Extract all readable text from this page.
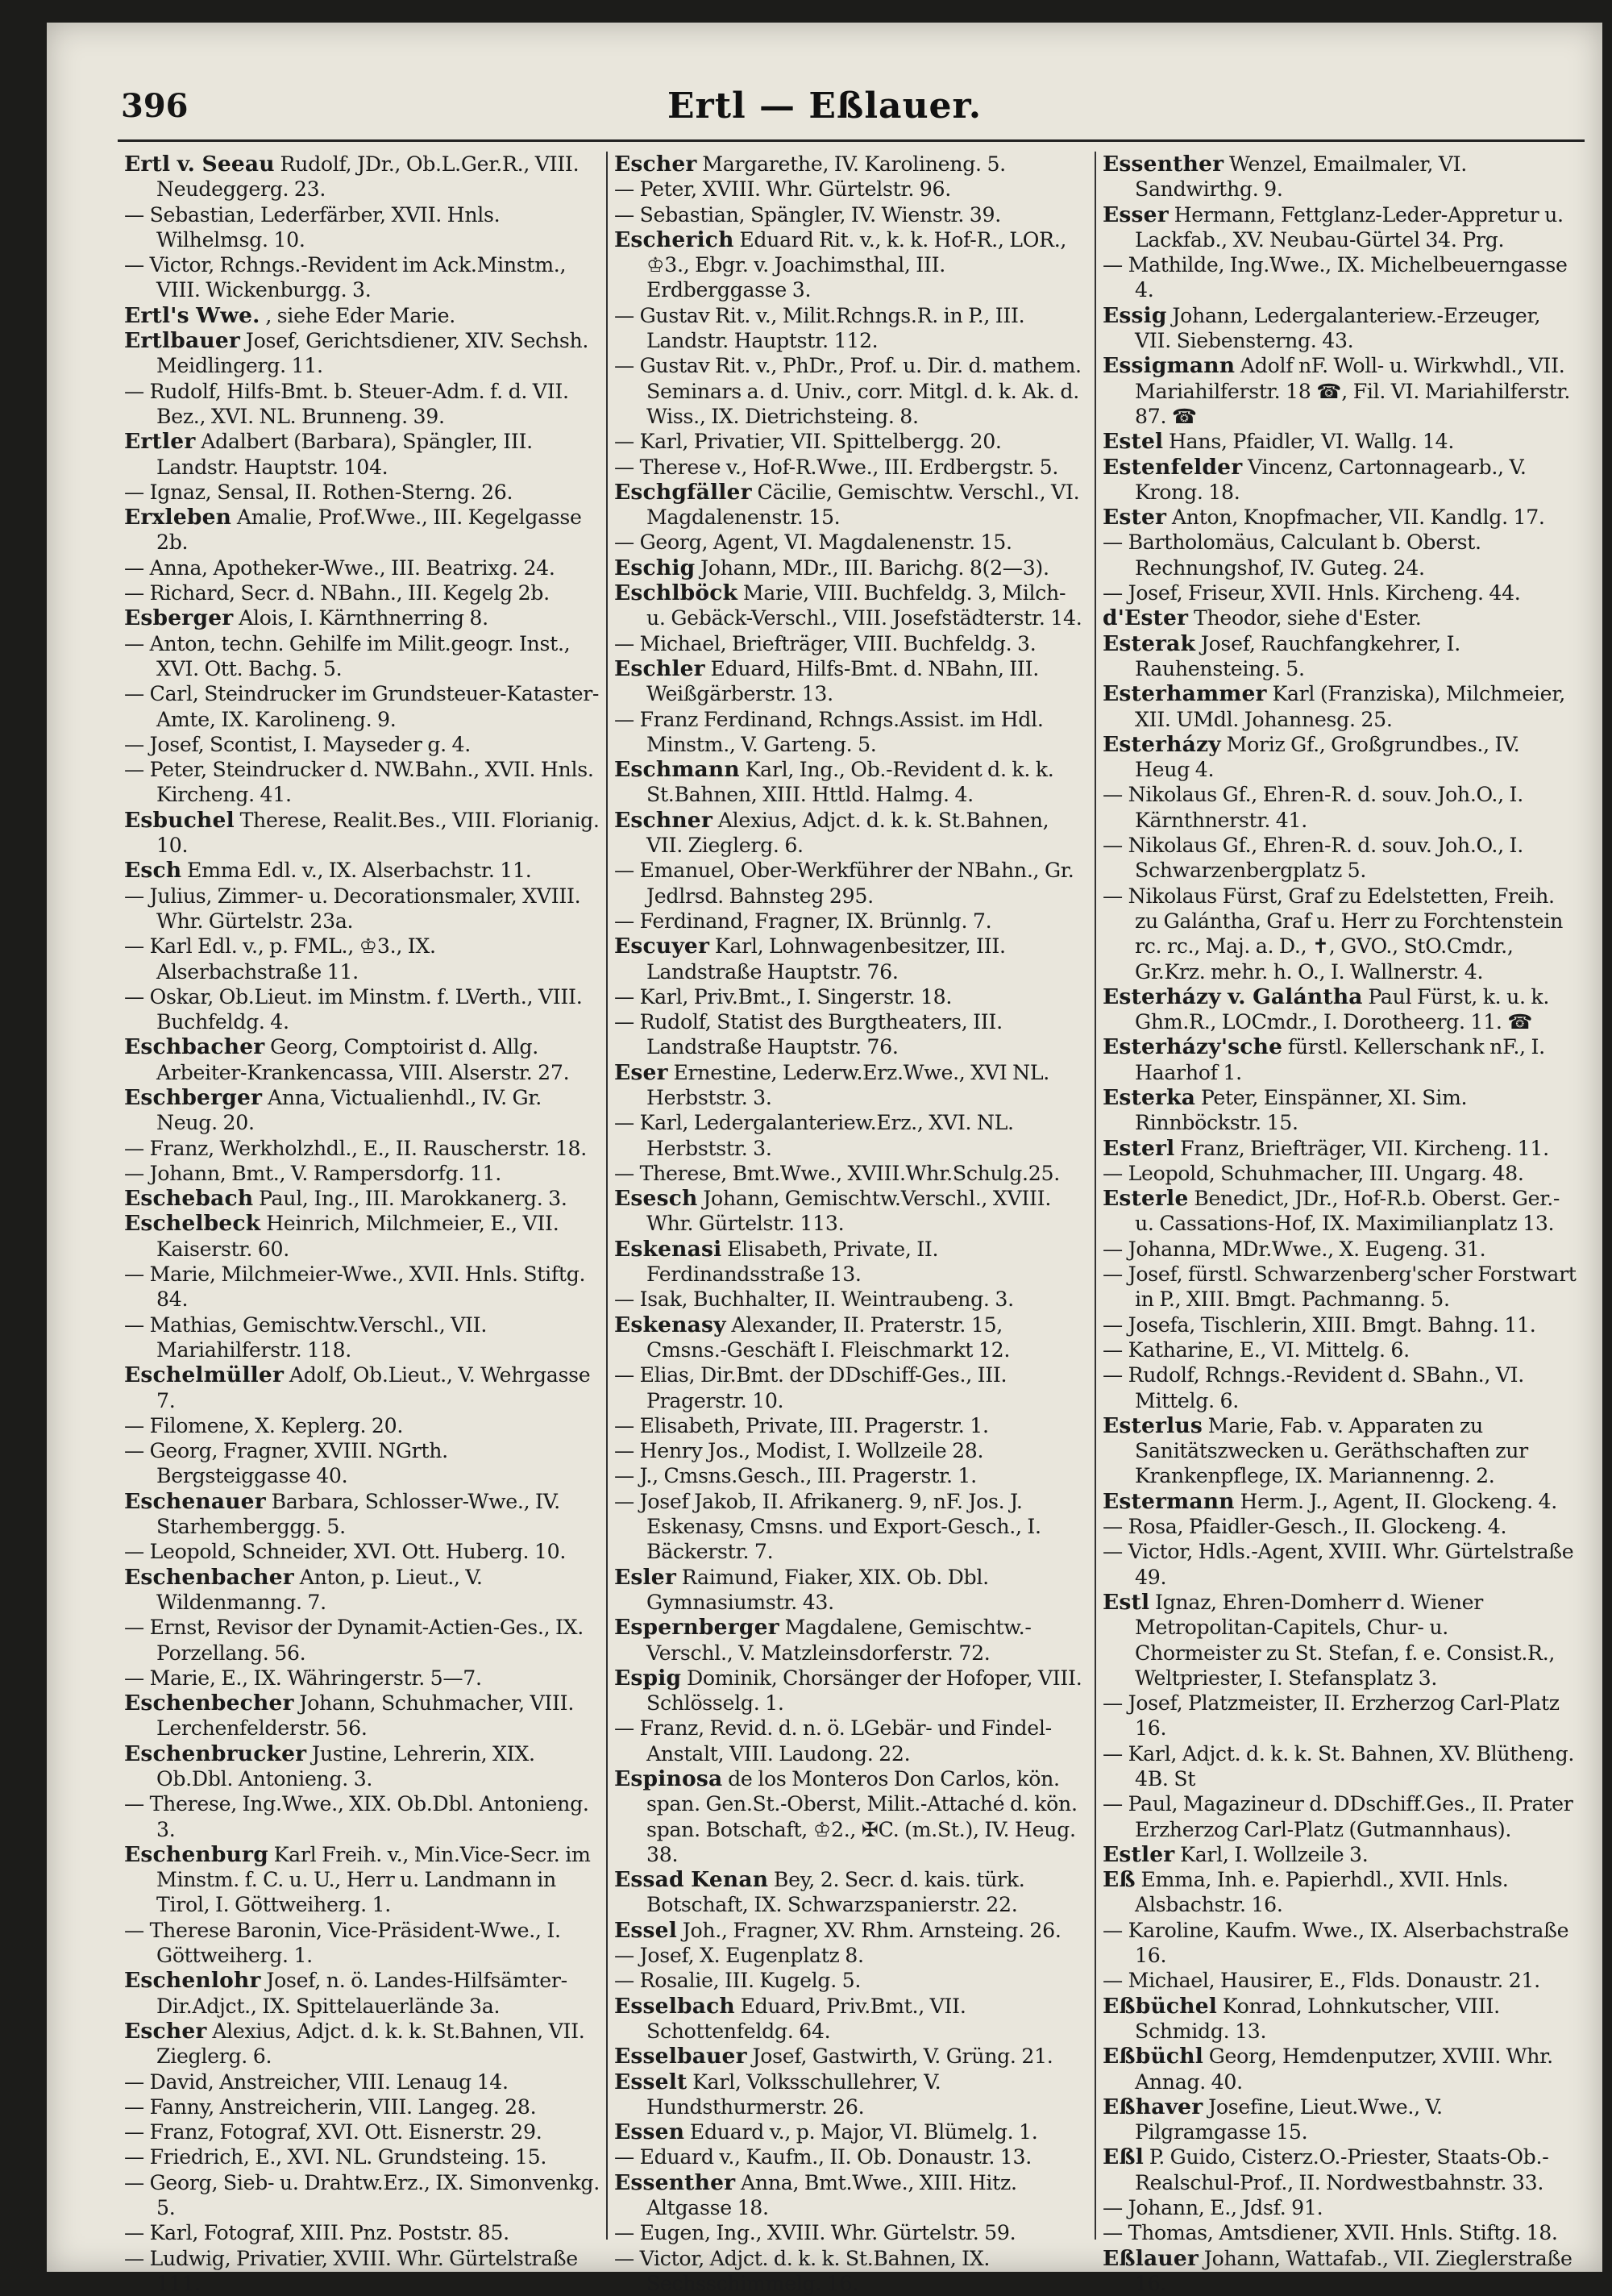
396	Ertl — Eßlauer.
Ertl v. Seeau Rudolf, JDr., Ob.L.Ger.R., VIII. Neudeggerg. 23.
— Sebastian, Lederfärber, XVII. Hnls. Wilhelmsg. 10.
— Victor, Rchngs.-Revident im Ack.Minstm., VIII. Wickenburgg. 3.
Ertl's Wwe. , siehe Eder Marie.
Ertlbauer Josef, Gerichtsdiener, XIV. Sechsh. Meidlingerg. 11.
— Rudolf, Hilfs-Bmt. b. Steuer-Adm. f. d. VII. Bez., XVI. NL. Brunneng. 39.
Ertler Adalbert (Barbara), Spängler, III. Landstr. Hauptstr. 104.
— Ignaz, Sensal, II. Rothen-Sterng. 26.
Erxleben Amalie, Prof.Wwe., III. Kegelgasse 2b.
— Anna, Apotheker-Wwe., III. Beatrixg. 24.
— Richard, Secr. d. NBahn., III. Kegelg 2b.
Esberger Alois, I. Kärnthnerring 8.
— Anton, techn. Gehilfe im Milit.geogr. Inst., XVI. Ott. Bachg. 5.
— Carl, Steindrucker im Grundsteuer-Kataster-Amte, IX. Karolineng. 9.
— Josef, Scontist, I. Mayseder g. 4.
— Peter, Steindrucker d. NW.Bahn., XVII. Hnls. Kircheng. 41.
Esbuchel Therese, Realit.Bes., VIII. Florianig. 10.
Esch Emma Edl. v., IX. Alserbachstr. 11.
— Julius, Zimmer- u. Decorationsmaler, XVIII. Whr. Gürtelstr. 23a.
— Karl Edl. v., p. FML., ♔3., IX. Alserbachstraße 11.
— Oskar, Ob.Lieut. im Minstm. f. LVerth., VIII. Buchfeldg. 4.
Eschbacher Georg, Comptoirist d. Allg. Arbeiter-Krankencassa, VIII. Alserstr. 27.
Eschberger Anna, Victualienhdl., IV. Gr. Neug. 20.
— Franz, Werkholzhdl., E., II. Rauscherstr. 18.
— Johann, Bmt., V. Rampersdorfg. 11.
Eschebach Paul, Ing., III. Marokkanerg. 3.
Eschelbeck Heinrich, Milchmeier, E., VII. Kaiserstr. 60.
— Marie, Milchmeier-Wwe., XVII. Hnls. Stiftg. 84.
— Mathias, Gemischtw.Verschl., VII. Mariahilferstr. 118.
Eschelmüller Adolf, Ob.Lieut., V. Wehrgasse 7.
— Filomene, X. Keplerg. 20.
— Georg, Fragner, XVIII. NGrth. Bergsteiggasse 40.
Eschenauer Barbara, Schlosser-Wwe., IV. Starhemberggg. 5.
— Leopold, Schneider, XVI. Ott. Huberg. 10.
Eschenbacher Anton, p. Lieut., V. Wildenmanng. 7.
— Ernst, Revisor der Dynamit-Actien-Ges., IX. Porzellang. 56.
— Marie, E., IX. Währingerstr. 5—7.
Eschenbecher Johann, Schuhmacher, VIII. Lerchenfelderstr. 56.
Eschenbrucker Justine, Lehrerin, XIX. Ob.Dbl. Antonieng. 3.
— Therese, Ing.Wwe., XIX. Ob.Dbl. Antonieng. 3.
Eschenburg Karl Freih. v., Min.Vice-Secr. im Minstm. f. C. u. U., Herr u. Landmann in Tirol, I. Göttweiherg. 1.
— Therese Baronin, Vice-Präsident-Wwe., I. Göttweiherg. 1.
Eschenlohr Josef, n. ö. Landes-Hilfsämter-Dir.Adjct., IX. Spittelauerlände 3a.
Escher Alexius, Adjct. d. k. k. St.Bahnen, VII. Zieglerg. 6.
— David, Anstreicher, VIII. Lenaug 14.
— Fanny, Anstreicherin, VIII. Langeg. 28.
— Franz, Fotograf, XVI. Ott. Eisnerstr. 29.
— Friedrich, E., XVI. NL. Grundsteing. 15.
— Georg, Sieb- u. Drahtw.Erz., IX. Simonvenkg. 5.
— Karl, Fotograf, XIII. Pnz. Poststr. 85.
— Ludwig, Privatier, XVIII. Whr. Gürtelstraße 111.
Escher Margarethe, IV. Karolineng. 5.
— Peter, XVIII. Whr. Gürtelstr. 96.
— Sebastian, Spängler, IV. Wienstr. 39.
Escherich Eduard Rit. v., k. k. Hof-R., LOR., ♔3., Ebgr. v. Joachimsthal, III. Erdberggasse 3.
— Gustav Rit. v., Milit.Rchngs.R. in P., III. Landstr. Hauptstr. 112.
— Gustav Rit. v., PhDr., Prof. u. Dir. d. mathem. Seminars a. d. Univ., corr. Mitgl. d. k. Ak. d. Wiss., IX. Dietrichsteing. 8.
— Karl, Privatier, VII. Spittelbergg. 20.
— Therese v., Hof-R.Wwe., III. Erdbergstr. 5.
Eschgfäller Cäcilie, Gemischtw. Verschl., VI. Magdalenenstr. 15.
— Georg, Agent, VI. Magdalenenstr. 15.
Eschig Johann, MDr., III. Barichg. 8(2—3).
Eschlböck Marie, VIII. Buchfeldg. 3, Milch- u. Gebäck-Verschl., VIII. Josefstädterstr. 14.
— Michael, Briefträger, VIII. Buchfeldg. 3.
Eschler Eduard, Hilfs-Bmt. d. NBahn, III. Weißgärberstr. 13.
— Franz Ferdinand, Rchngs.Assist. im Hdl. Minstm., V. Garteng. 5.
Eschmann Karl, Ing., Ob.-Revident d. k. k. St.Bahnen, XIII. Httld. Halmg. 4.
Eschner Alexius, Adjct. d. k. k. St.Bahnen, VII. Zieglerg. 6.
— Emanuel, Ober-Werkführer der NBahn., Gr. Jedlrsd. Bahnsteg 295.
— Ferdinand, Fragner, IX. Brünnlg. 7.
Escuyer Karl, Lohnwagenbesitzer, III. Landstraße Hauptstr. 76.
— Karl, Priv.Bmt., I. Singerstr. 18.
— Rudolf, Statist des Burgtheaters, III. Landstraße Hauptstr. 76.
Eser Ernestine, Lederw.Erz.Wwe., XVI NL. Herbststr. 3.
— Karl, Ledergalanteriew.Erz., XVI. NL. Herbststr. 3.
— Therese, Bmt.Wwe., XVIII.Whr.Schulg.25.
Esesch Johann, Gemischtw.Verschl., XVIII. Whr. Gürtelstr. 113.
Eskenasi Elisabeth, Private, II. Ferdinandsstraße 13.
— Isak, Buchhalter, II. Weintraubeng. 3.
Eskenasy Alexander, II. Praterstr. 15, Cmsns.-Geschäft I. Fleischmarkt 12.
— Elias, Dir.Bmt. der DDschiff-Ges., III. Pragerstr. 10.
— Elisabeth, Private, III. Pragerstr. 1.
— Henry Jos., Modist, I. Wollzeile 28.
— J., Cmsns.Gesch., III. Pragerstr. 1.
— Josef Jakob, II. Afrikanerg. 9, nF. Jos. J. Eskenasy, Cmsns. und Export-Gesch., I. Bäckerstr. 7.
Esler Raimund, Fiaker, XIX. Ob. Dbl. Gymnasiumstr. 43.
Espernberger Magdalene, Gemischtw.-Verschl., V. Matzleinsdorferstr. 72.
Espig Dominik, Chorsänger der Hofoper, VIII. Schlösselg. 1.
— Franz, Revid. d. n. ö. LGebär- und Findel-Anstalt, VIII. Laudong. 22.
Espinosa de los Monteros Don Carlos, kön. span. Gen.St.-Oberst, Milit.-Attaché d. kön. span. Botschaft, ♔2., ✠C. (m.St.), IV. Heug. 38.
Essad Kenan Bey, 2. Secr. d. kais. türk. Botschaft, IX. Schwarzspanierstr. 22.
Essel Joh., Fragner, XV. Rhm. Arnsteing. 26.
— Josef, X. Eugenplatz 8.
— Rosalie, III. Kugelg. 5.
Esselbach Eduard, Priv.Bmt., VII. Schottenfeldg. 64.
Esselbauer Josef, Gastwirth, V. Grüng. 21.
Esselt Karl, Volksschullehrer, V. Hundsthurmerstr. 26.
Essen Eduard v., p. Major, VI. Blümelg. 1.
— Eduard v., Kaufm., II. Ob. Donaustr. 13.
Essenther Anna, Bmt.Wwe., XIII. Hitz. Altgasse 18.
— Eugen, Ing., XVIII. Whr. Gürtelstr. 59.
— Victor, Adjct. d. k. k. St.Bahnen, IX. Sechsschimmelg. 16.
Essenther Wenzel, Emailmaler, VI. Sandwirthg. 9.
Esser Hermann, Fettglanz-Leder-Appretur u. Lackfab., XV. Neubau-Gürtel 34. Prg.
— Mathilde, Ing.Wwe., IX. Michelbeuerngasse 4.
Essig Johann, Ledergalanteriew.-Erzeuger, VII. Siebensterng. 43.
Essigmann Adolf nF. Woll- u. Wirkwhdl., VII. Mariahilferstr. 18 ☎, Fil. VI. Mariahilferstr. 87. ☎
Estel Hans, Pfaidler, VI. Wallg. 14.
Estenfelder Vincenz, Cartonnagearb., V. Krong. 18.
Ester Anton, Knopfmacher, VII. Kandlg. 17.
— Bartholomäus, Calculant b. Oberst. Rechnungshof, IV. Guteg. 24.
— Josef, Friseur, XVII. Hnls. Kircheng. 44.
d'Ester Theodor, siehe d'Ester.
Esterak Josef, Rauchfangkehrer, I. Rauhensteing. 5.
Esterhammer Karl (Franziska), Milchmeier, XII. UMdl. Johannesg. 25.
Esterházy Moriz Gf., Großgrundbes., IV. Heug 4.
— Nikolaus Gf., Ehren-R. d. souv. Joh.O., I. Kärnthnerstr. 41.
— Nikolaus Gf., Ehren-R. d. souv. Joh.O., I. Schwarzenbergplatz 5.
— Nikolaus Fürst, Graf zu Edelstetten, Freih. zu Galántha, Graf u. Herr zu Forchtenstein rc. rc., Maj. a. D., ✝, GVO., StO.Cmdr., Gr.Krz. mehr. h. O., I. Wallnerstr. 4.
Esterházy v. Galántha Paul Fürst, k. u. k. Ghm.R., LOCmdr., I. Dorotheerg. 11. ☎
Esterházy'sche fürstl. Kellerschank nF., I. Haarhof 1.
Esterka Peter, Einspänner, XI. Sim. Rinnböckstr. 15.
Esterl Franz, Briefträger, VII. Kircheng. 11.
— Leopold, Schuhmacher, III. Ungarg. 48.
Esterle Benedict, JDr., Hof-R.b. Oberst. Ger.- u. Cassations-Hof, IX. Maximilianplatz 13.
— Johanna, MDr.Wwe., X. Eugeng. 31.
— Josef, fürstl. Schwarzenberg'scher Forstwart in P., XIII. Bmgt. Pachmanng. 5.
— Josefa, Tischlerin, XIII. Bmgt. Bahng. 11.
— Katharine, E., VI. Mittelg. 6.
— Rudolf, Rchngs.-Revident d. SBahn., VI. Mittelg. 6.
Esterlus Marie, Fab. v. Apparaten zu Sanitätszwecken u. Geräthschaften zur Krankenpflege, IX. Mariannenng. 2.
Estermann Herm. J., Agent, II. Glockeng. 4.
— Rosa, Pfaidler-Gesch., II. Glockeng. 4.
— Victor, Hdls.-Agent, XVIII. Whr. Gürtelstraße 49.
Estl Ignaz, Ehren-Domherr d. Wiener Metropolitan-Capitels, Chur- u. Chormeister zu St. Stefan, f. e. Consist.R., Weltpriester, I. Stefansplatz 3.
— Josef, Platzmeister, II. Erzherzog Carl-Platz 16.
— Karl, Adjct. d. k. k. St. Bahnen, XV. Blütheng. 4B. St
— Paul, Magazineur d. DDschiff.Ges., II. Prater Erzherzog Carl-Platz (Gutmannhaus).
Estler Karl, I. Wollzeile 3.
Eß Emma, Inh. e. Papierhdl., XVII. Hnls. Alsbachstr. 16.
— Karoline, Kaufm. Wwe., IX. Alserbachstraße 16.
— Michael, Hausirer, E., Flds. Donaustr. 21.
Eßbüchel Konrad, Lohnkutscher, VIII. Schmidg. 13.
Eßbüchl Georg, Hemdenputzer, XVIII. Whr. Annag. 40.
Eßhaver Josefine, Lieut.Wwe., V. Pilgramgasse 15.
Eßl P. Guido, Cisterz.O.-Priester, Staats-Ob.-Realschul-Prof., II. Nordwestbahnstr. 33.
— Johann, E., Jdsf. 91.
— Thomas, Amtsdiener, XVII. Hnls. Stiftg. 18.
Eßlauer Johann, Wattafab., VII. Zieglerstraße 16.
